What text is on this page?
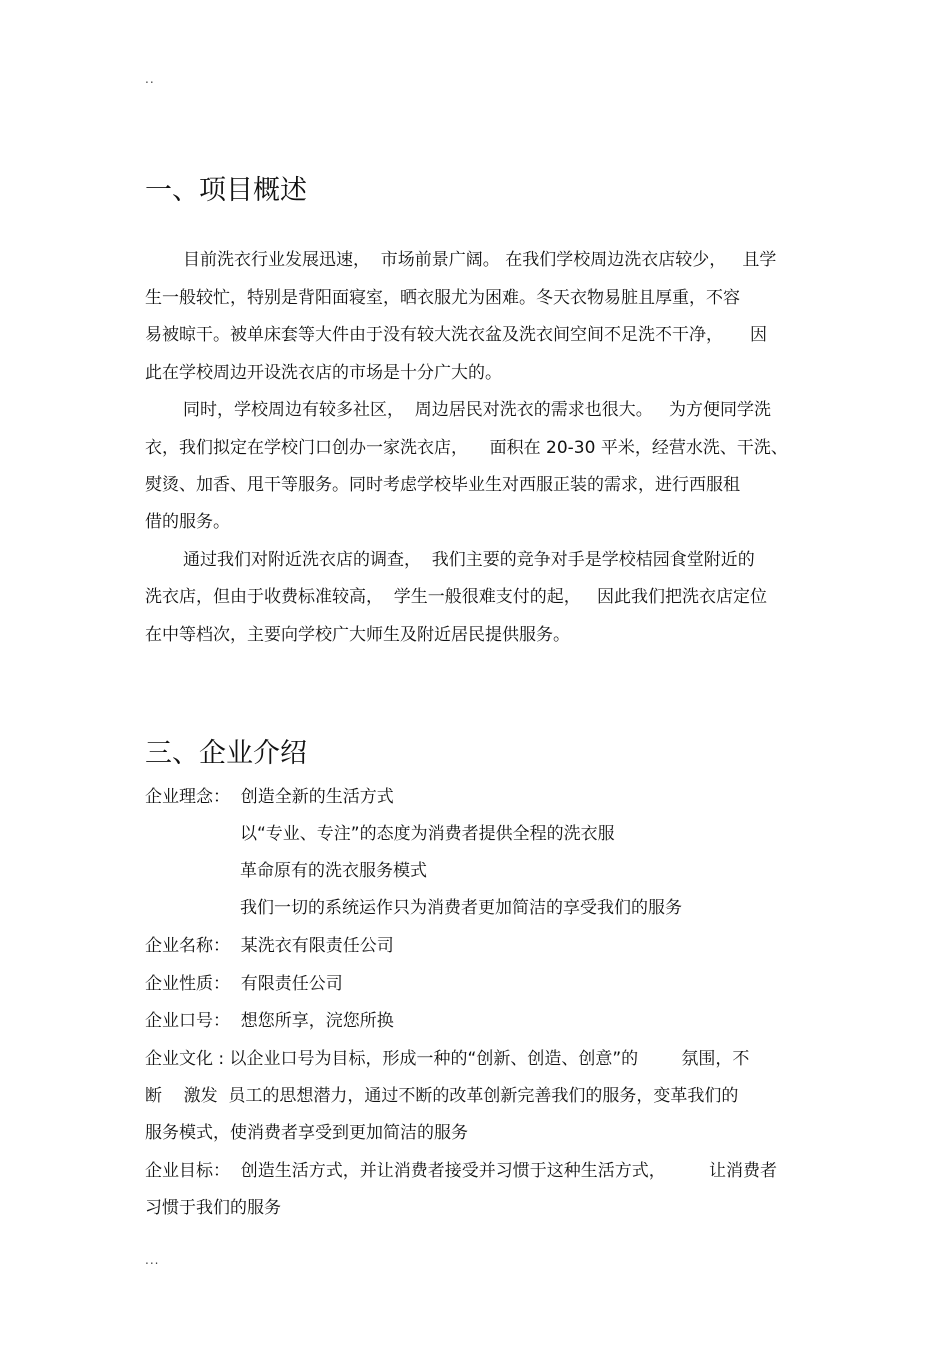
..
一、项目概述
目前洗衣行业发展迅速，  市场前景广阔。 在我们学校周边洗衣店较少，   且学
生一般较忙，特别是背阳面寝室，晒衣服尤为困难。冬天衣物易脏且厚重，不容
易被晾干。被单床套等大件由于没有较大洗衣盆及洗衣间空间不足洗不干净，     因
此在学校周边开设洗衣店的市场是十分广大的。
同时，学校周边有较多社区，  周边居民对洗衣的需求也很大。   为方便同学洗
衣，我们拟定在学校门口创办一家洗衣店，    面积在 20-30 平米，经营水洗、干洗、
熨烫、加香、甩干等服务。同时考虑学校毕业生对西服正装的需求，进行西服租
借的服务。
通过我们对附近洗衣店的调查，  我们主要的竞争对手是学校桔园食堂附近的
洗衣店，但由于收费标准较高，  学生一般很难支付的起，   因此我们把洗衣店定位
在中等档次，主要向学校广大师生及附近居民提供服务。
三、企业介绍
企业理念：  创造全新的生活方式
以“专业、专注”的态度为消费者提供全程的洗衣服
革命原有的洗衣服务模式
我们一切的系统运作只为消费者更加简洁的享受我们的服务
企业名称：  某洗衣有限责任公司
企业性质：  有限责任公司
企业口号：  想您所享，浣您所换
企业文化 : 以企业口号为目标，形成一种的“创新、创造、创意”的        氛围，不
断    激发  员工的思想潜力，通过不断的改革创新完善我们的服务，变革我们的
服务模式，使消费者享受到更加简洁的服务
企业目标：  创造生活方式，并让消费者接受并习惯于这种生活方式，        让消费者
习惯于我们的服务
...
